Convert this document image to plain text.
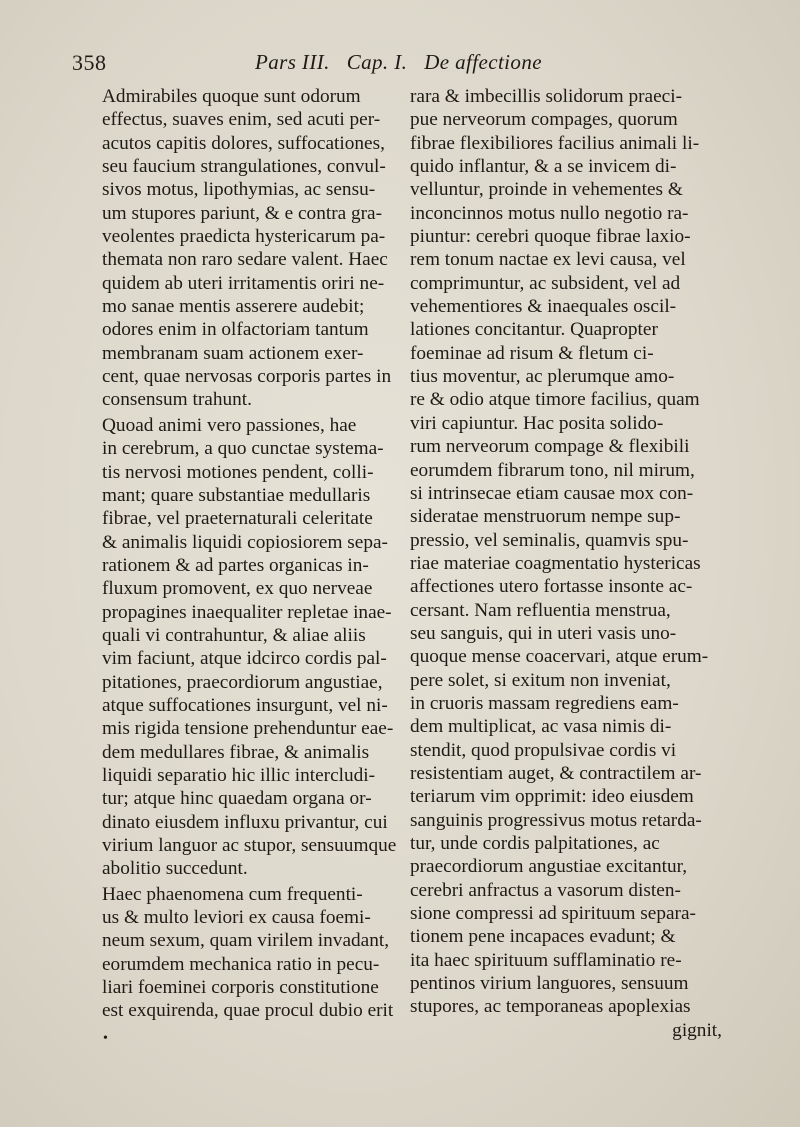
358	Pars III.   Cap. I.   De affectione

Admirabiles quoque sunt odorum
effectus, suaves enim, sed acuti per-
acutos capitis dolores, suffocationes,
seu faucium strangulationes, convul-
sivos motus, lipothymias, ac sensu-
um stupores pariunt, & e contra gra-
veolentes praedicta hystericarum pa-
themata non raro sedare valent. Haec
quidem ab uteri irritamentis oriri ne-
mo sanae mentis asserere audebit;
odores enim in olfactoriam tantum
membranam suam actionem exer-
cent, quae nervosas corporis partes in
consensum trahunt.

Quoad animi vero passiones, hae
in cerebrum, a quo cunctae systema-
tis nervosi motiones pendent, colli-
mant; quare substantiae medullaris
fibrae, vel praeternaturali celeritate
& animalis liquidi copiosiorem sepa-
rationem & ad partes organicas in-
fluxum promovent, ex quo nerveae
propagines inaequaliter repletae inae-
quali vi contrahuntur, & aliae aliis
vim faciunt, atque idcirco cordis pal-
pitationes, praecordiorum angustiae,
atque suffocationes insurgunt, vel ni-
mis rigida tensione prehenduntur eae-
dem medullares fibrae, & animalis
liquidi separatio hic illic intercludi-
tur; atque hinc quaedam organa or-
dinato eiusdem influxu privantur, cui
virium languor ac stupor, sensuumque
abolitio succedunt.

Haec phaenomena cum frequenti-
us & multo leviori ex causa foemi-
neum sexum, quam virilem invadant,
eorumdem mechanica ratio in pecu-
liari foeminei corporis constitutione
est exquirenda, quae procul dubio erit

rara & imbecillis solidorum praeci-
pue nerveorum compages, quorum
fibrae flexibiliores facilius animali li-
quido inflantur, & a se invicem di-
velluntur, proinde in vehementes &
inconcinnos motus nullo negotio ra-
piuntur: cerebri quoque fibrae laxio-
rem tonum nactae ex levi causa, vel
comprimuntur, ac subsident, vel ad
vehementiores & inaequales oscil-
lationes concitantur. Quapropter
foeminae ad risum & fletum ci-
tius moventur, ac plerumque amo-
re & odio atque timore facilius, quam
viri capiuntur. Hac posita solido-
rum nerveorum compage & flexibili
eorumdem fibrarum tono, nil mirum,
si intrinsecae etiam causae mox con-
sideratae menstruorum nempe sup-
pressio, vel seminalis, quamvis spu-
riae materiae coagmentatio hystericas
affectiones utero fortasse insonte ac-
cersant. Nam refluentia menstrua,
seu sanguis, qui in uteri vasis uno-
quoque mense coacervari, atque erum-
pere solet, si exitum non inveniat,
in cruoris massam regrediens eam-
dem multiplicat, ac vasa nimis di-
stendit, quod propulsivae cordis vi
resistentiam auget, & contractilem ar-
teriarum vim opprimit: ideo eiusdem
sanguinis progressivus motus retarda-
tur, unde cordis palpitationes, ac
praecordiorum angustiae excitantur,
cerebri anfractus a vasorum disten-
sione compressi ad spirituum separa-
tionem pene incapaces evadunt; &
ita haec spirituum sufflaminatio re-
pentinos virium languores, sensuum
stupores, ac temporaneas apoplexias
gignit,

•
